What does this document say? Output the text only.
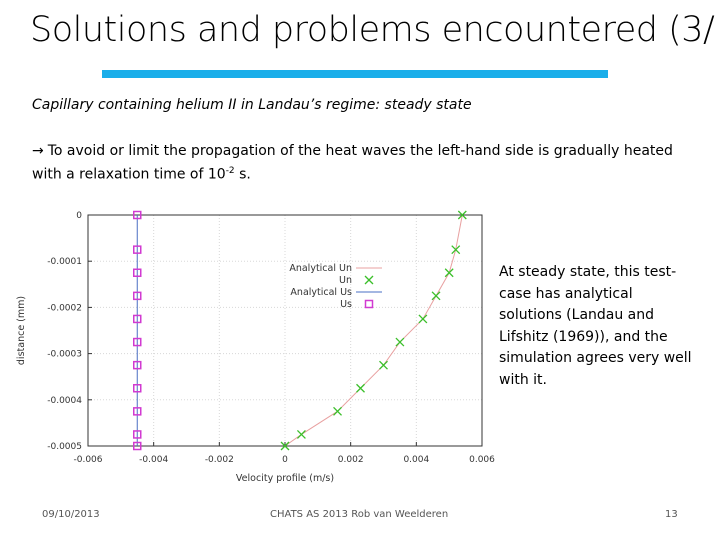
Solutions and problems encountered (3/
Capillary containing helium II in Landau’s regime: steady state
→ To avoid or limit the propagation of the heat waves the left-hand side is gradually heated with a relaxation time of $10^{-2}$ s.
-0.006	-0.004	-0.002	0	0.002	0.004	0.006
0
-0.0001
-0.0002
-0.0003
-0.0004
-0.0005
Velocity profile (m/s)
distance (mm)
Analytical Un
Un
Analytical Us
Us
At steady state, this test-case has analytical solutions (Landau and Lifshitz (1969)), and the simulation agrees very well with it.
09/10/2013	CHATS AS 2013 Rob van Weelderen	13
